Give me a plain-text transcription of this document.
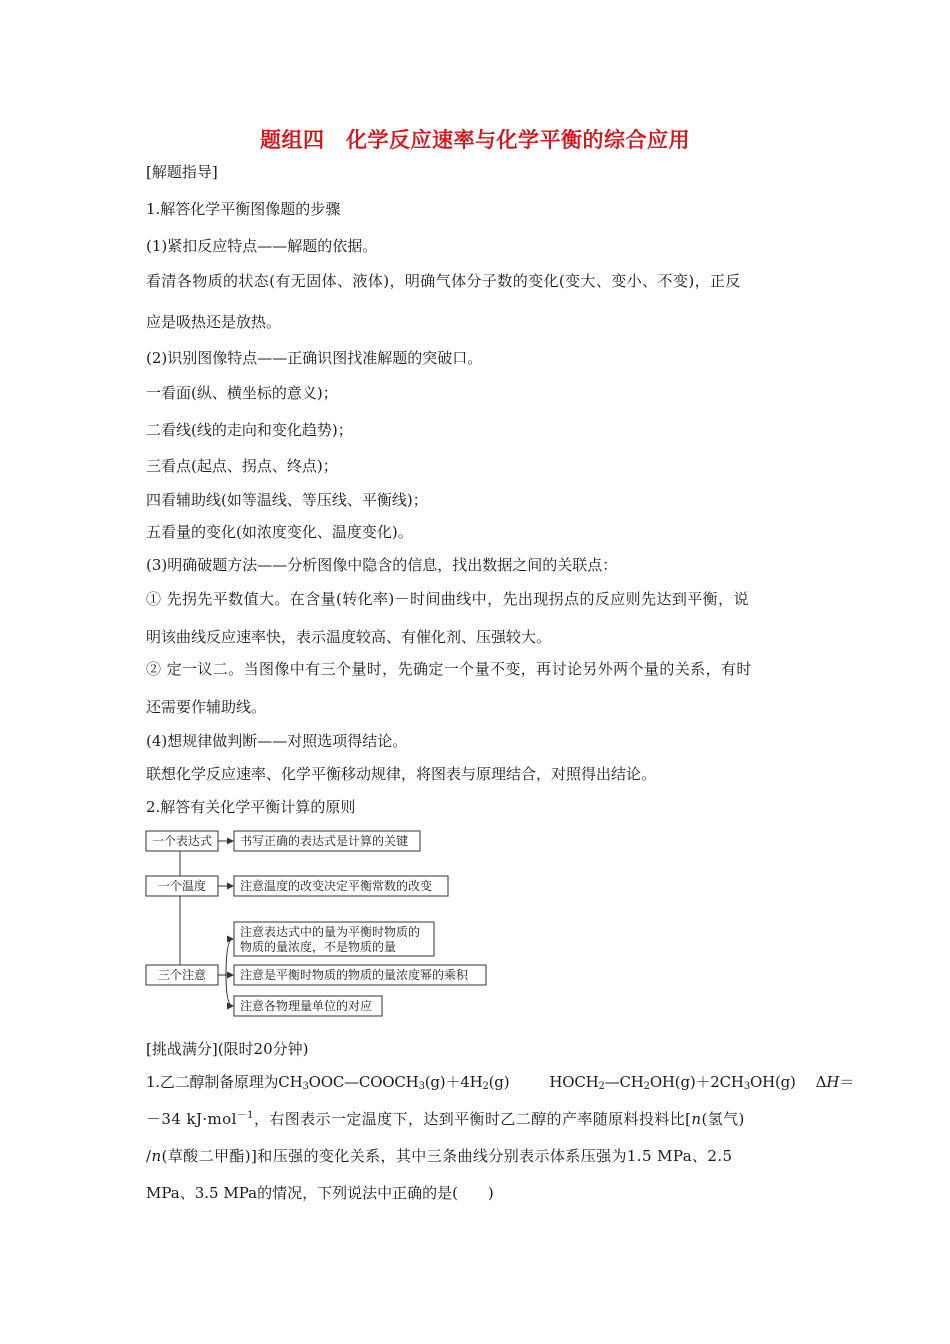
题组四　化学反应速率与化学平衡的综合应用
[解题指导]
1.解答化学平衡图像题的步骤
(1)紧扣反应特点——解题的依据。
看清各物质的状态(有无固体、液体)，明确气体分子数的变化(变大、变小、不变)，正反
应是吸热还是放热。
(2)识别图像特点——正确识图找准解题的突破口。
一看面(纵、横坐标的意义)；
二看线(线的走向和变化趋势)；
三看点(起点、拐点、终点)；
四看辅助线(如等温线、等压线、平衡线)；
五看量的变化(如浓度变化、温度变化)。
(3)明确破题方法——分析图像中隐含的信息，找出数据之间的关联点：
① 先拐先平数值大。在含量(转化率)－时间曲线中，先出现拐点的反应则先达到平衡，说
明该曲线反应速率快，表示温度较高、有催化剂、压强较大。
② 定一议二。当图像中有三个量时，先确定一个量不变，再讨论另外两个量的关系，有时
还需要作辅助线。
(4)想规律做判断——对照选项得结论。
联想化学反应速率、化学平衡移动规律，将图表与原理结合，对照得出结论。
2.解答有关化学平衡计算的原则
一个表达式
一个温度
三个注意
书写正确的表达式是计算的关键
注意温度的改变决定平衡常数的改变
注意表达式中的量为平衡时物质的
物质的量浓度，不是物质的量
注意是平衡时物质的物质的量浓度幂的乘积
注意各物理量单位的对应
[挑战满分](限时20分钟)
1.乙二醇制备原理为$CH_3OOC—COOCH_3(g)+4H_2(g)$	$HOCH_2—CH_2OH(g)+2CH_3OH(g)$ ΔH＝
－34 kJ·mol$^{-1}$，右图表示一定温度下，达到平衡时乙二醇的产率随原料投料比[n(氢气)
/n(草酸二甲酯)]和压强的变化关系，其中三条曲线分别表示体系压强为1.5 MPa、2.5
MPa、3.5 MPa的情况，下列说法中正确的是(　　)
